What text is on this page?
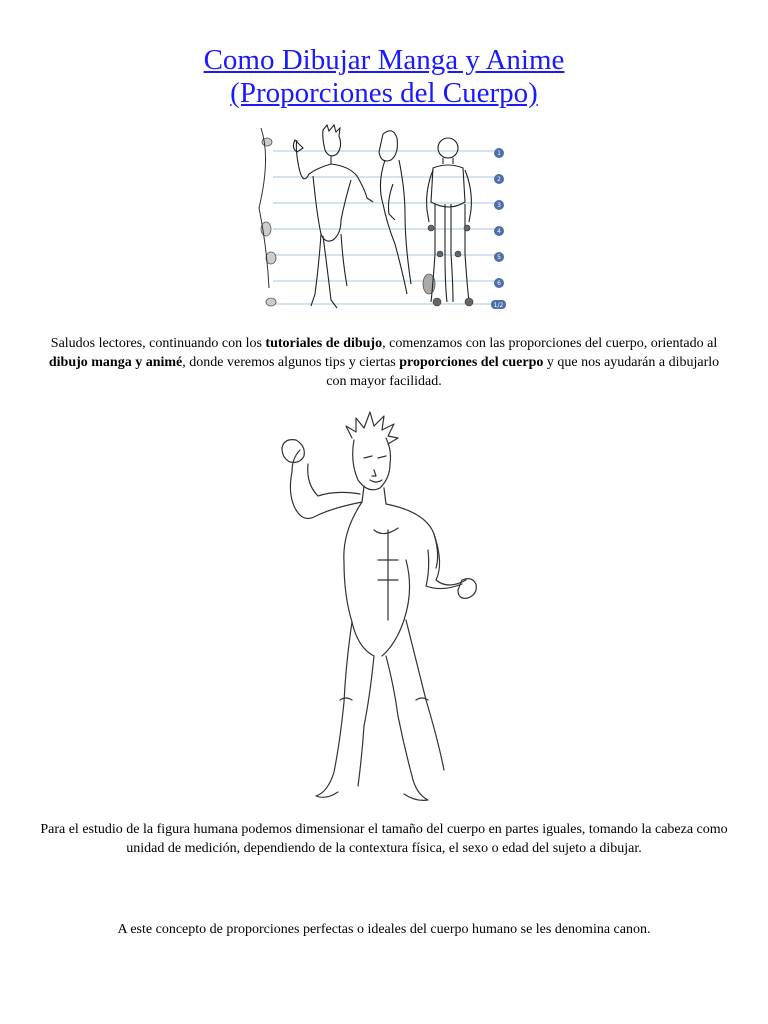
Como Dibujar Manga y Anime
(Proporciones del Cuerpo)
1
2
3
4
5
6
1/2

Saludos lectores, continuando con los tutoriales de dibujo, comenzamos con las proporciones del cuerpo, orientado al dibujo manga y animé, donde veremos algunos tips y ciertas proporciones del cuerpo y que nos ayudarán a dibujarlo con mayor facilidad.

Para el estudio de la figura humana podemos dimensionar el tamaño del cuerpo en partes iguales, tomando la cabeza como unidad de medición, dependiendo de la contextura física, el sexo o edad del sujeto a dibujar.

A este concepto de proporciones perfectas o ideales del cuerpo humano se les denomina canon.
